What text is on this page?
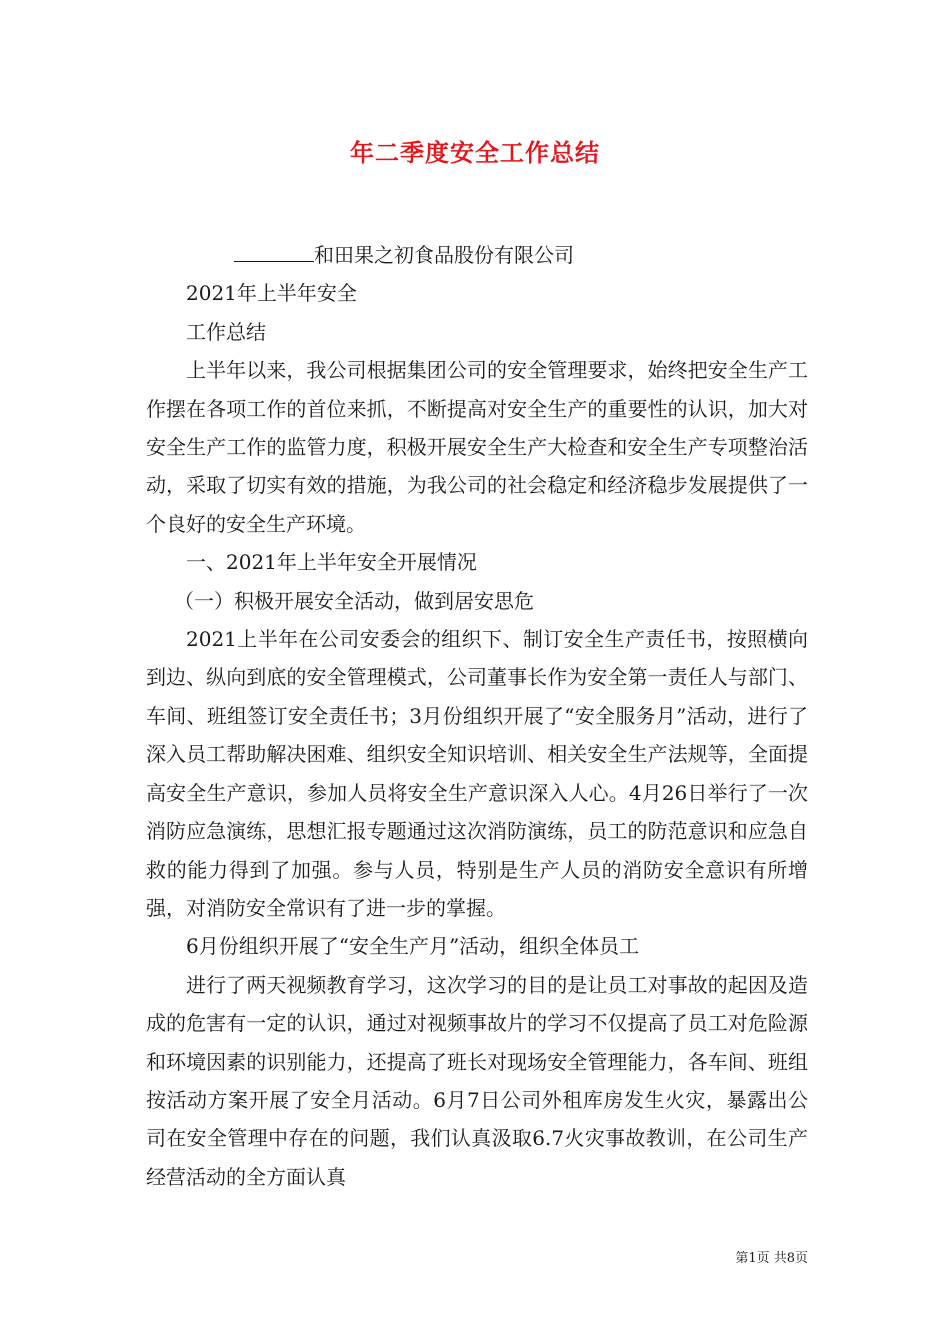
年二季度安全工作总结

和田果之初食品股份有限公司

2021年上半年安全

工作总结

上半年以来，我公司根据集团公司的安全管理要求，始终把安全生产工作摆在各项工作的首位来抓，不断提高对安全生产的重要性的认识，加大对安全生产工作的监管力度，积极开展安全生产大检查和安全生产专项整治活动，采取了切实有效的措施，为我公司的社会稳定和经济稳步发展提供了一个良好的安全生产环境。

一、2021年上半年安全开展情况

（一）积极开展安全活动，做到居安思危

2021上半年在公司安委会的组织下、制订安全生产责任书，按照横向到边、纵向到底的安全管理模式，公司董事长作为安全第一责任人与部门、车间、班组签订安全责任书；3月份组织开展了“安全服务月”活动，进行了深入员工帮助解决困难、组织安全知识培训、相关安全生产法规等，全面提高安全生产意识，参加人员将安全生产意识深入人心。4月26日举行了一次消防应急演练，思想汇报专题通过这次消防演练，员工的防范意识和应急自救的能力得到了加强。参与人员，特别是生产人员的消防安全意识有所增强，对消防安全常识有了进一步的掌握。

6月份组织开展了“安全生产月”活动，组织全体员工

进行了两天视频教育学习，这次学习的目的是让员工对事故的起因及造成的危害有一定的认识，通过对视频事故片的学习不仅提高了员工对危险源和环境因素的识别能力，还提高了班长对现场安全管理能力，各车间、班组按活动方案开展了安全月活动。6月7日公司外租库房发生火灾，暴露出公司在安全管理中存在的问题，我们认真汲取6.7火灾事故教训，在公司生产经营活动的全方面认真

第1页 共8页
